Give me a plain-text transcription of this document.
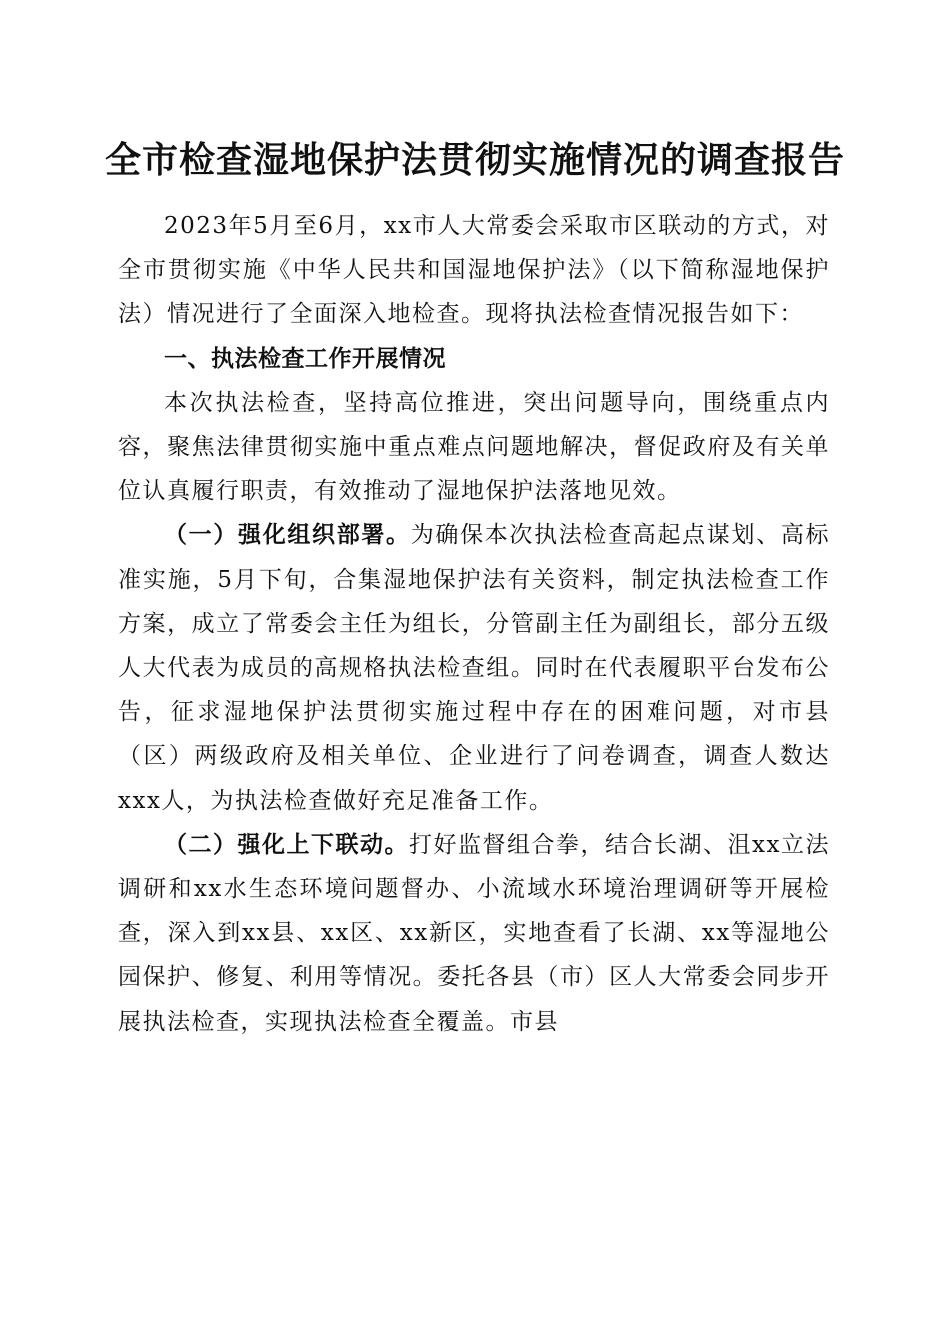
全市检查湿地保护法贯彻实施情况的调查报告

2023年5月至6月，xx市人大常委会采取市区联动的方式，对全市贯彻实施《中华人民共和国湿地保护法》（以下简称湿地保护法）情况进行了全面深入地检查。现将执法检查情况报告如下：

一、执法检查工作开展情况

本次执法检查，坚持高位推进，突出问题导向，围绕重点内容，聚焦法律贯彻实施中重点难点问题地解决，督促政府及有关单位认真履行职责，有效推动了湿地保护法落地见效。

（一）强化组织部署。为确保本次执法检查高起点谋划、高标准实施，5月下旬，合集湿地保护法有关资料，制定执法检查工作方案，成立了常委会主任为组长，分管副主任为副组长，部分五级人大代表为成员的高规格执法检查组。同时在代表履职平台发布公告，征求湿地保护法贯彻实施过程中存在的困难问题，对市县（区）两级政府及相关单位、企业进行了问卷调查，调查人数达xxx人，为执法检查做好充足准备工作。

（二）强化上下联动。打好监督组合拳，结合长湖、沮xx立法调研和xx水生态环境问题督办、小流域水环境治理调研等开展检查，深入到xx县、xx区、xx新区，实地查看了长湖、xx等湿地公园保护、修复、利用等情况。委托各县（市）区人大常委会同步开展执法检查，实现执法检查全覆盖。市县
